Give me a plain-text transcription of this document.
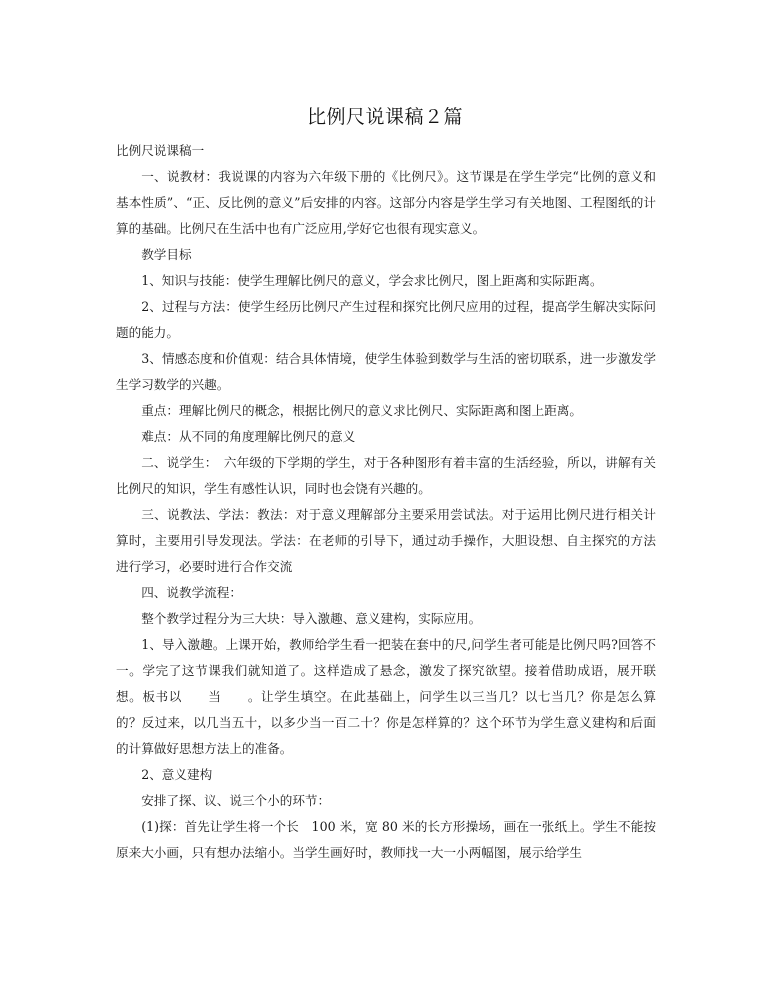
比例尺说课稿２篇

比例尺说课稿一

一、说教材：我说课的内容为六年级下册的《比例尺》。这节课是在学生学完“比例的意义和基本性质”、“正、反比例的意义”后安排的内容。这部分内容是学生学习有关地图、工程图纸的计算的基础。比例尺在生活中也有广泛应用,学好它也很有现实意义。

教学目标

1、知识与技能：使学生理解比例尺的意义，学会求比例尺，图上距离和实际距离。

2、过程与方法：使学生经历比例尺产生过程和探究比例尺应用的过程，提高学生解决实际问题的能力。

3、情感态度和价值观：结合具体情境，使学生体验到数学与生活的密切联系，进一步激发学生学习数学的兴趣。

重点：理解比例尺的概念，根据比例尺的意义求比例尺、实际距离和图上距离。

难点：从不同的角度理解比例尺的意义

二、说学生：　六年级的下学期的学生，对于各种图形有着丰富的生活经验，所以，讲解有关比例尺的知识，学生有感性认识，同时也会饶有兴趣的。

三、说教法、学法：教法：对于意义理解部分主要采用尝试法。对于运用比例尺进行相关计算时，主要用引导发现法。学法：在老师的引导下，通过动手操作，大胆设想、自主探究的方法进行学习，必要时进行合作交流

四、说教学流程：

整个教学过程分为三大块：导入激趣、意义建构，实际应用。

1、导入激趣。上课开始，教师给学生看一把装在套中的尺,问学生者可能是比例尺吗?回答不一。学完了这节课我们就知道了。这样造成了悬念，激发了探究欲望。接着借助成语，展开联想。板书以　　当　　。让学生填空。在此基础上，问学生以三当几？以七当几？你是怎么算的？反过来，以几当五十，以多少当一百二十？你是怎样算的？这个环节为学生意义建构和后面的计算做好思想方法上的准备。

2、意义建构

安排了探、议、说三个小的环节：

(1)探：首先让学生将一个长　100 米，宽 80 米的长方形操场，画在一张纸上。学生不能按原来大小画，只有想办法缩小。当学生画好时，教师找一大一小两幅图，展示给学生
